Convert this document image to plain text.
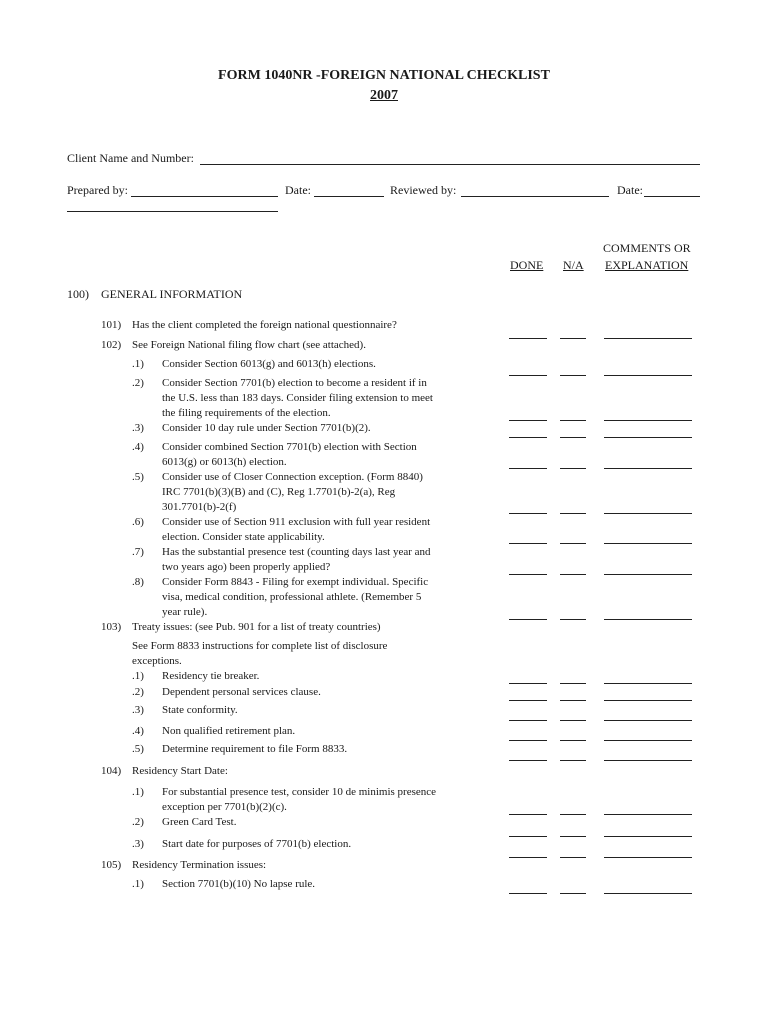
FORM 1040NR -FOREIGN NATIONAL CHECKLIST
2007
Client Name and Number:
Prepared by:	Date:	Reviewed by:	Date:
COMMENTS OR
DONE N/A EXPLANATION
100) GENERAL INFORMATION
101) Has the client completed the foreign national questionnaire?
102) See Foreign National filing flow chart (see attached).
.1) Consider Section 6013(g) and 6013(h) elections.
.2) Consider Section 7701(b) election to become a resident if in
the U.S. less than 183 days. Consider filing extension to meet
the filing requirements of the election.
.3) Consider 10 day rule under Section 7701(b)(2).
.4) Consider combined Section 7701(b) election with Section
6013(g) or 6013(h) election.
.5) Consider use of Closer Connection exception. (Form 8840)
IRC 7701(b)(3)(B) and (C), Reg 1.7701(b)-2(a), Reg
301.7701(b)-2(f)
.6) Consider use of Section 911 exclusion with full year resident
election. Consider state applicability.
.7) Has the substantial presence test (counting days last year and
two years ago) been properly applied?
.8) Consider Form 8843 - Filing for exempt individual. Specific
visa, medical condition, professional athlete. (Remember 5
year rule).
103) Treaty issues: (see Pub. 901 for a list of treaty countries)
See Form 8833 instructions for complete list of disclosure
exceptions.
.1) Residency tie breaker.
.2) Dependent personal services clause.
.3) State conformity.
.4) Non qualified retirement plan.
.5) Determine requirement to file Form 8833.
104) Residency Start Date:
.1) For substantial presence test, consider 10 de minimis presence
exception per 7701(b)(2)(c).
.2) Green Card Test.
.3) Start date for purposes of 7701(b) election.
105) Residency Termination issues:
.1) Section 7701(b)(10) No lapse rule.
